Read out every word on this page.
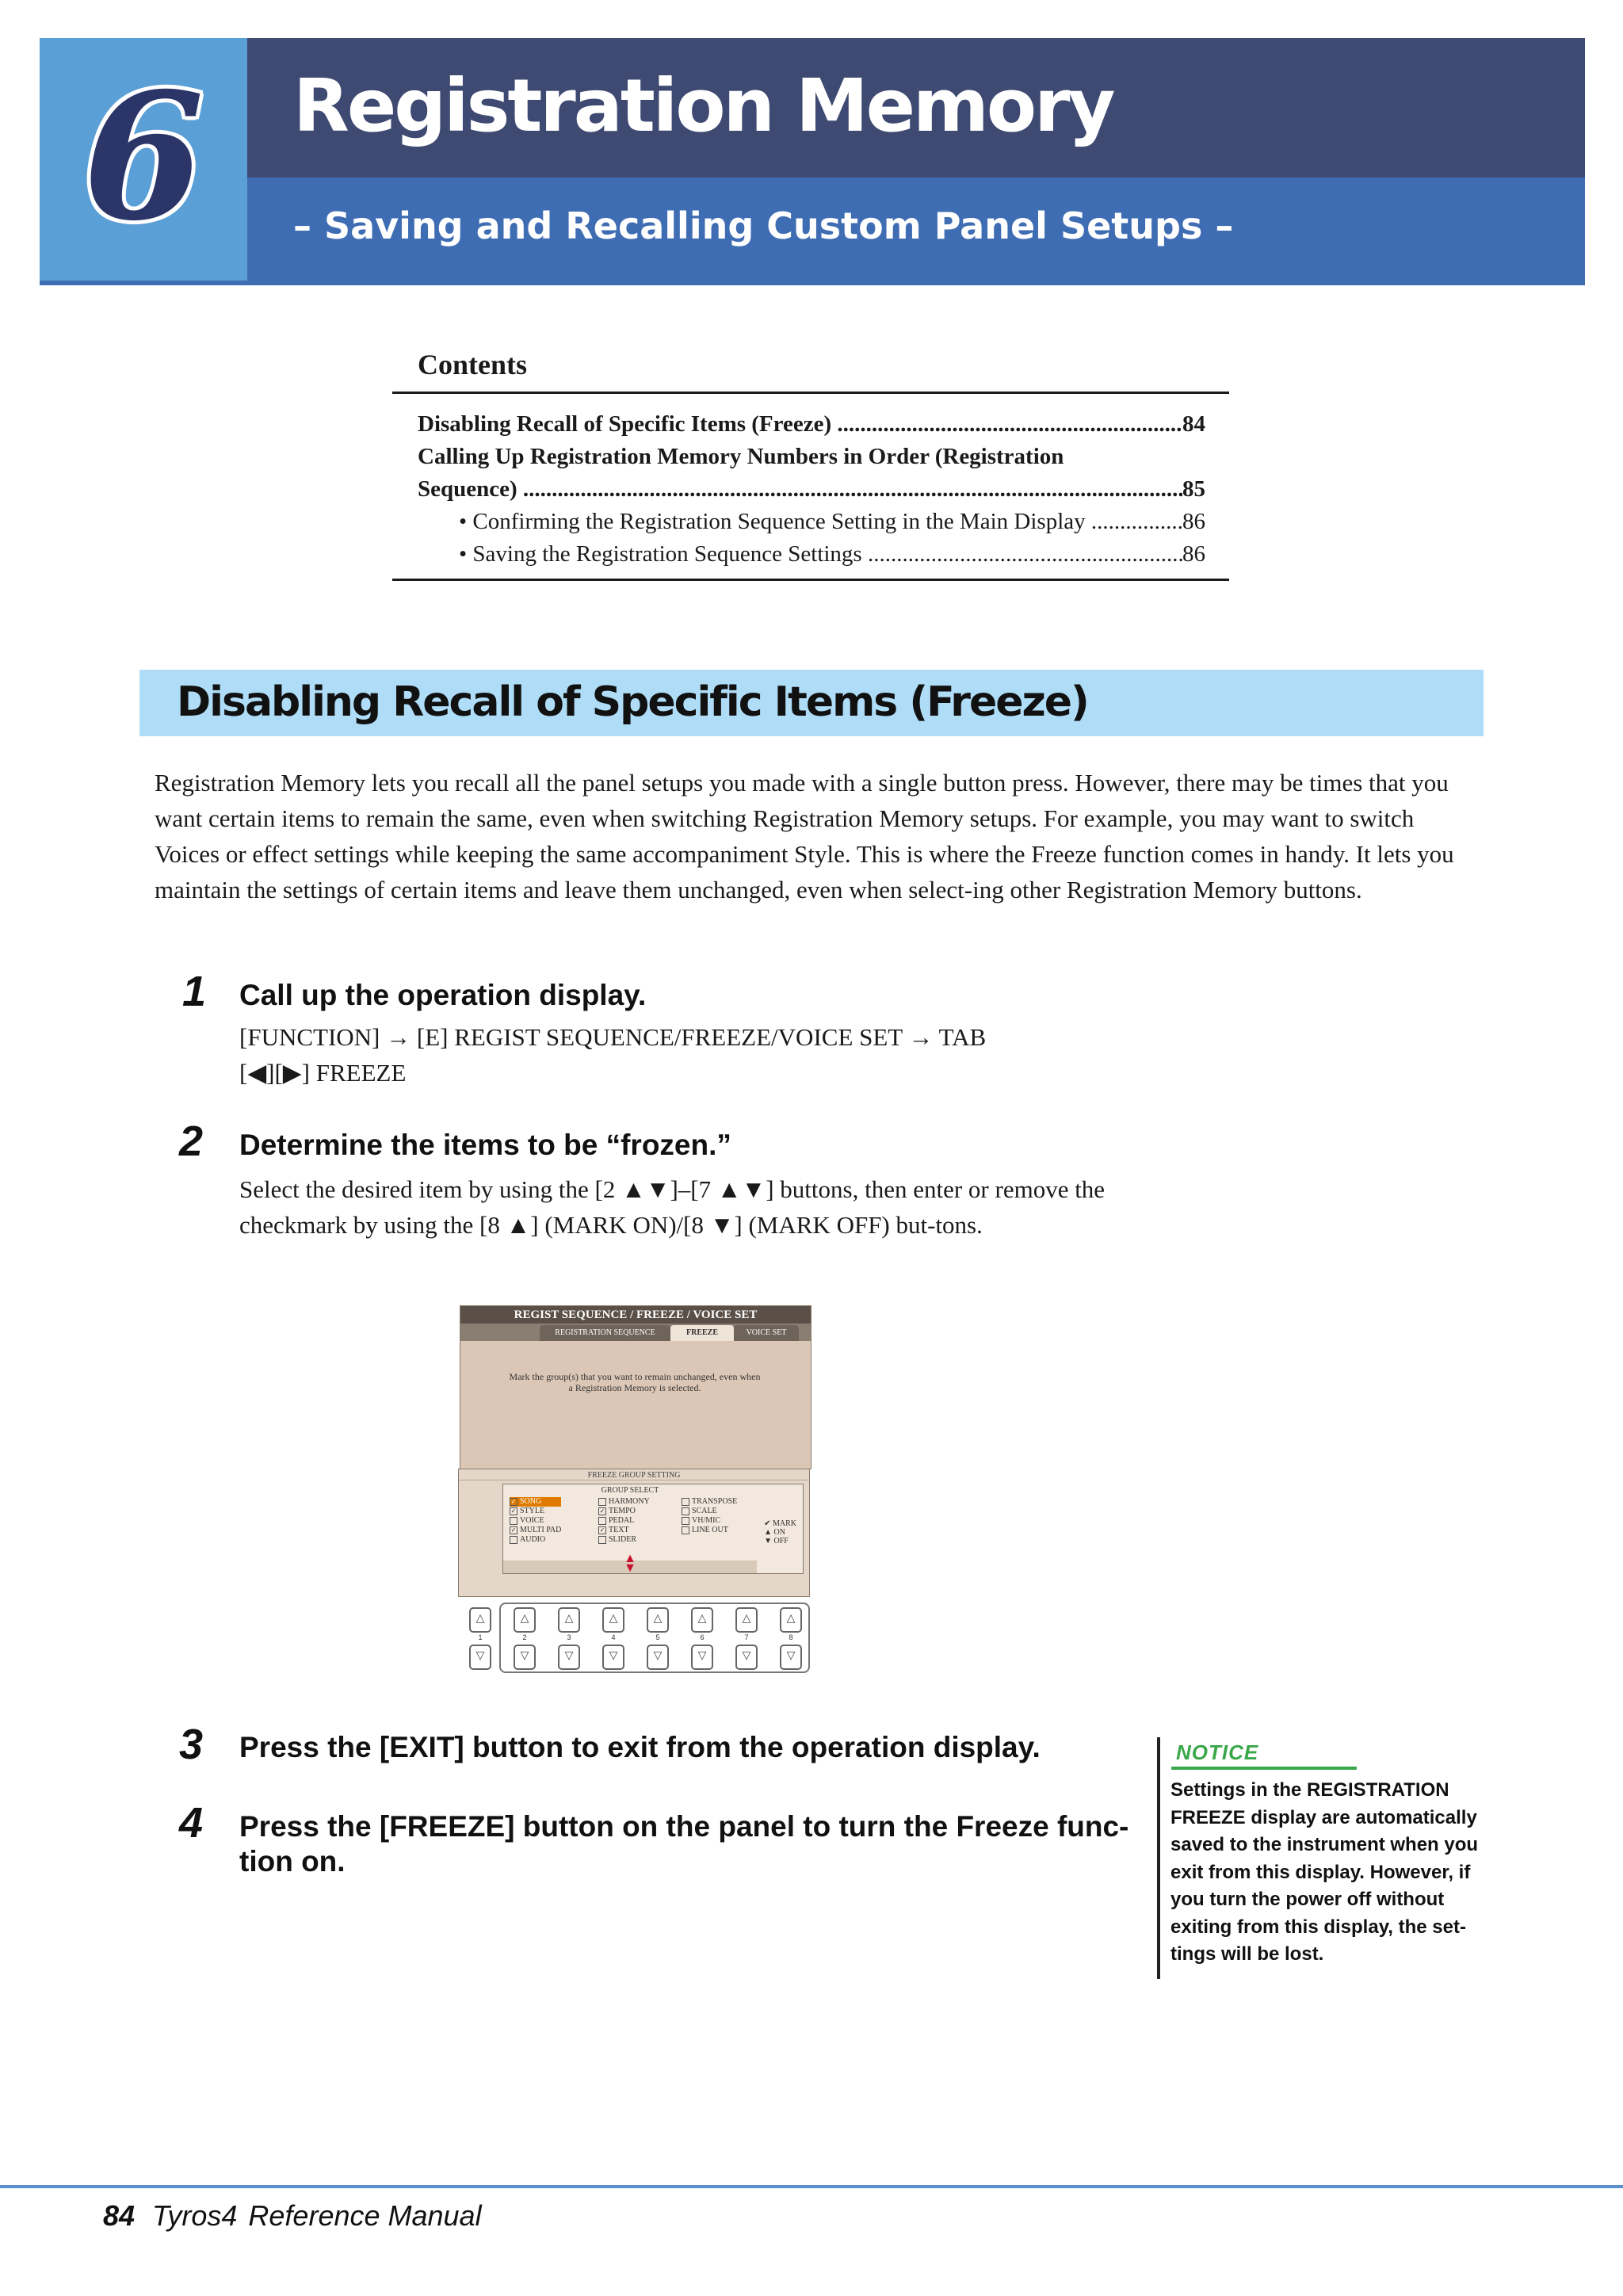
6	Registration Memory
– Saving and Recalling Custom Panel Setups –
Contents
Disabling Recall of Specific Items (Freeze) .....	84
Calling Up Registration Memory Numbers in Order (Registration
Sequence) .....	85
• Confirming the Registration Sequence Setting in the Main Display .....	86
• Saving the Registration Sequence Settings .....	86
Disabling Recall of Specific Items (Freeze)
Registration Memory lets you recall all the panel setups you made with a single button press. However, there may be times that you want certain items to remain the same, even when switching Registration Memory setups. For example, you may want to switch Voices or effect settings while keeping the same accompaniment Style. This is where the Freeze function comes in handy. It lets you maintain the settings of certain items and leave them unchanged, even when select-ing other Registration Memory buttons.
1 Call up the operation display.
[FUNCTION] → [E] REGIST SEQUENCE/FREEZE/VOICE SET → TAB
[◀][▶] FREEZE
2 Determine the items to be “frozen.”
Select the desired item by using the [2 ▲▼]–[7 ▲▼] buttons, then enter or remove the checkmark by using the [8 ▲] (MARK ON)/[8 ▼] (MARK OFF) but-tons.
REGIST SEQUENCE / FREEZE / VOICE SET
REGISTRATION SEQUENCE	FREEZE	VOICE SET
Mark the group(s) that you want to remain unchanged, even when a Registration Memory is selected.
FREEZE GROUP SETTING
GROUP SELECT
✓ SONG
✓ STYLE
VOICE
✓ MULTI PAD
AUDIO
HARMONY
✓ TEMPO
PEDAL
✓ TEXT
SLIDER
TRANSPOSE
SCALE
VH/MIC
LINE OUT
✔ MARK
▲ ON
▼ OFF
▲
▼
△
1
▽
△
2
▽
△
3
▽
△
4
▽
△
5
▽
△
6
▽
△
7
▽
△
8
▽
3 Press the [EXIT] button to exit from the operation display.
4 Press the [FREEZE] button on the panel to turn the Freeze func-tion on.
NOTICE
Settings in the REGISTRATION FREEZE display are automatically saved to the instrument when you exit from this display. However, if you turn the power off without exiting from this display, the set-tings will be lost.
84 Tyros4 Reference Manual
